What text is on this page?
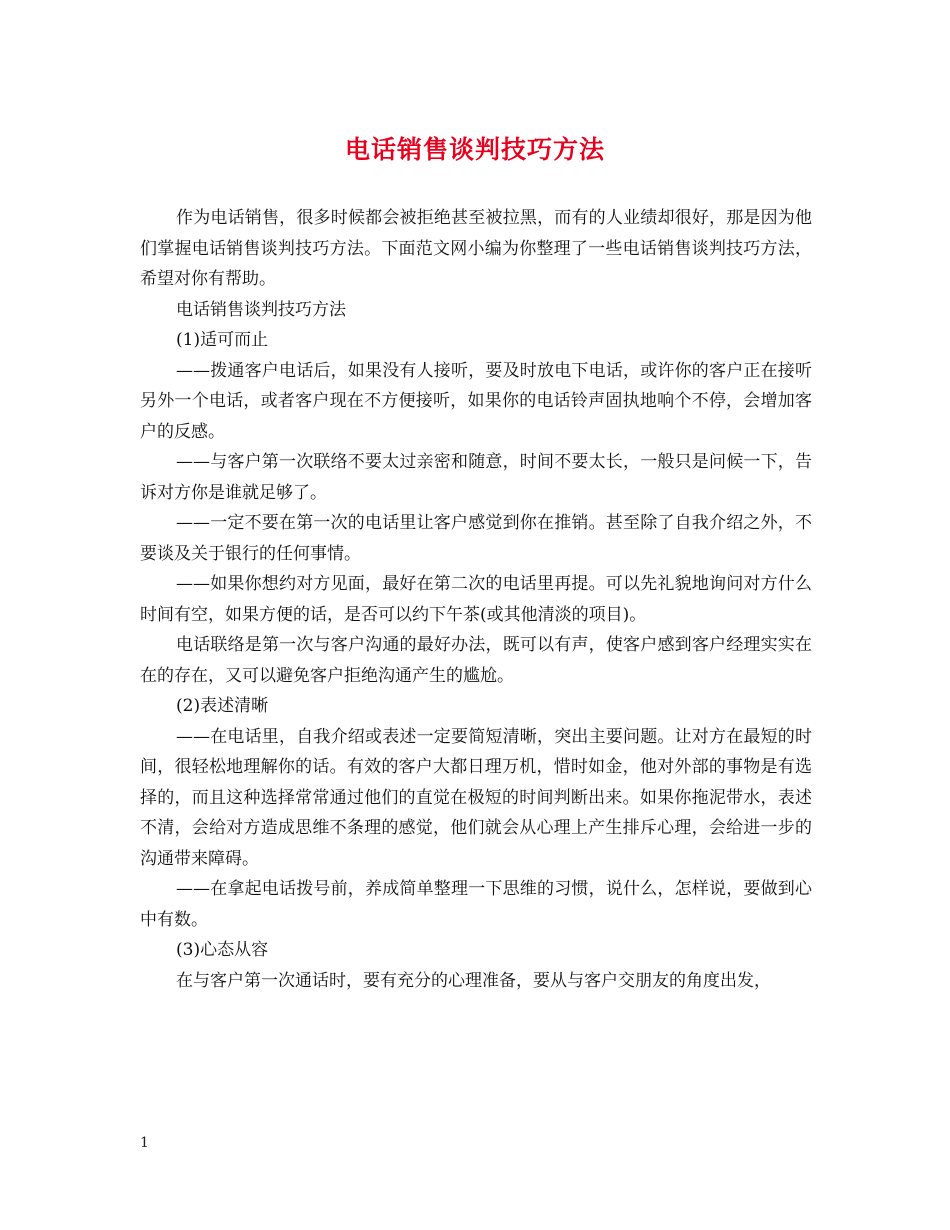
电话销售谈判技巧方法

作为电话销售，很多时候都会被拒绝甚至被拉黑，而有的人业绩却很好，那是因为他们掌握电话销售谈判技巧方法。下面范文网小编为你整理了一些电话销售谈判技巧方法，希望对你有帮助。

电话销售谈判技巧方法

(1)适可而止

——拨通客户电话后，如果没有人接听，要及时放电下电话，或许你的客户正在接听另外一个电话，或者客户现在不方便接听，如果你的电话铃声固执地响个不停，会增加客户的反感。

——与客户第一次联络不要太过亲密和随意，时间不要太长，一般只是问候一下，告诉对方你是谁就足够了。

——一定不要在第一次的电话里让客户感觉到你在推销。甚至除了自我介绍之外，不要谈及关于银行的任何事情。

——如果你想约对方见面，最好在第二次的电话里再提。可以先礼貌地询问对方什么时间有空，如果方便的话，是否可以约下午茶(或其他清淡的项目)。

电话联络是第一次与客户沟通的最好办法，既可以有声，使客户感到客户经理实实在在的存在，又可以避免客户拒绝沟通产生的尴尬。

(2)表述清晰

——在电话里，自我介绍或表述一定要简短清晰，突出主要问题。让对方在最短的时间，很轻松地理解你的话。有效的客户大都日理万机，惜时如金，他对外部的事物是有选择的，而且这种选择常常通过他们的直觉在极短的时间判断出来。如果你拖泥带水，表述不清，会给对方造成思维不条理的感觉，他们就会从心理上产生排斥心理，会给进一步的沟通带来障碍。

——在拿起电话拨号前，养成简单整理一下思维的习惯，说什么，怎样说，要做到心中有数。

(3)心态从容

在与客户第一次通话时，要有充分的心理准备，要从与客户交朋友的角度出发，

1
